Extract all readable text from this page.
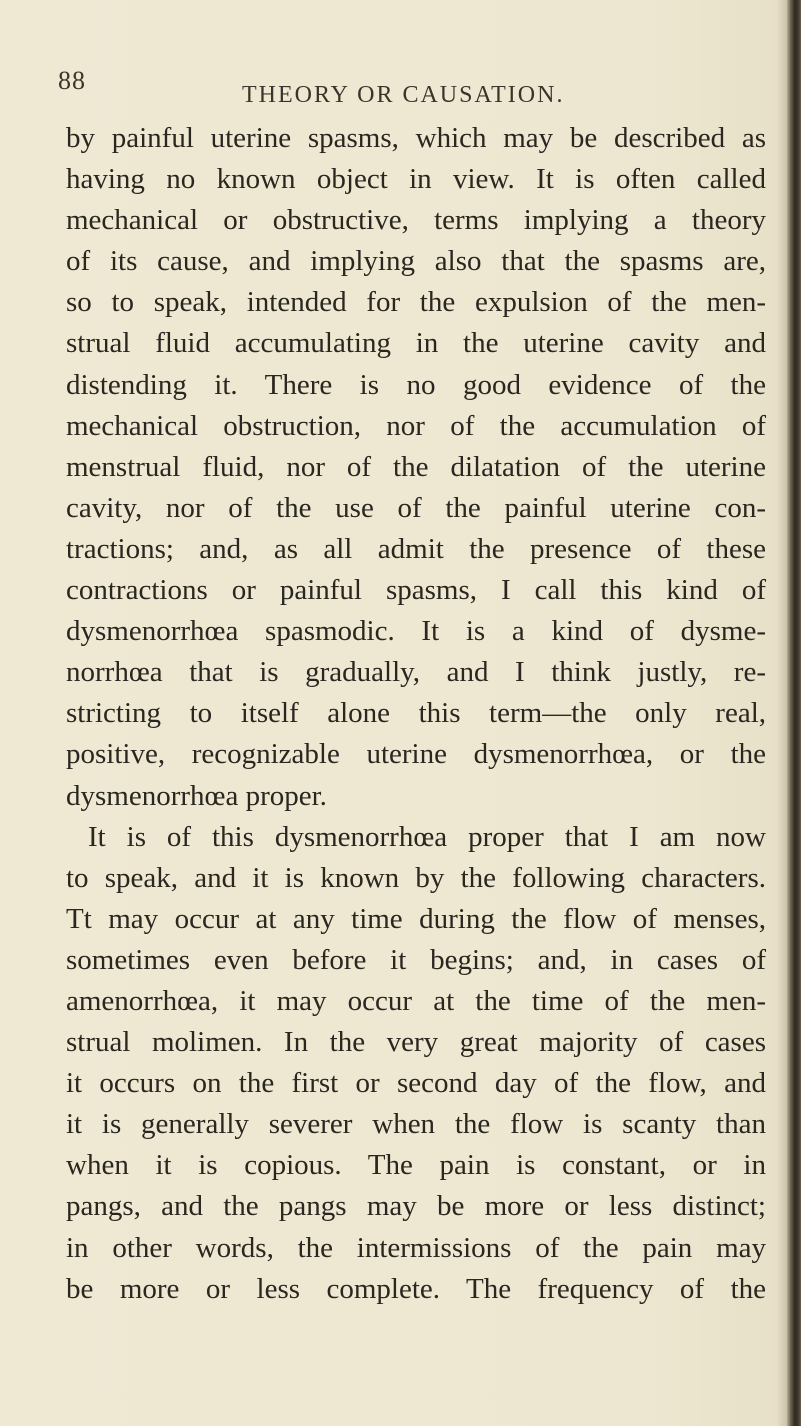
88	THEORY OR CAUSATION.

by painful uterine spasms, which may be described as
having no known object in view. It is often called
mechanical or obstructive, terms implying a theory
of its cause, and implying also that the spasms are,
so to speak, intended for the expulsion of the men-
strual fluid accumulating in the uterine cavity and
distending it. There is no good evidence of the
mechanical obstruction, nor of the accumulation of
menstrual fluid, nor of the dilatation of the uterine
cavity, nor of the use of the painful uterine con-
tractions; and, as all admit the presence of these
contractions or painful spasms, I call this kind of
dysmenorrhœa spasmodic. It is a kind of dysme-
norrhœa that is gradually, and I think justly, re-
stricting to itself alone this term—the only real,
positive, recognizable uterine dysmenorrhœa, or the
dysmenorrhœa proper.
It is of this dysmenorrhœa proper that I am now
to speak, and it is known by the following characters.
Tt may occur at any time during the flow of menses,
sometimes even before it begins; and, in cases of
amenorrhœa, it may occur at the time of the men-
strual molimen. In the very great majority of cases
it occurs on the first or second day of the flow, and
it is generally severer when the flow is scanty than
when it is copious. The pain is constant, or in
pangs, and the pangs may be more or less distinct;
in other words, the intermissions of the pain may
be more or less complete. The frequency of the
